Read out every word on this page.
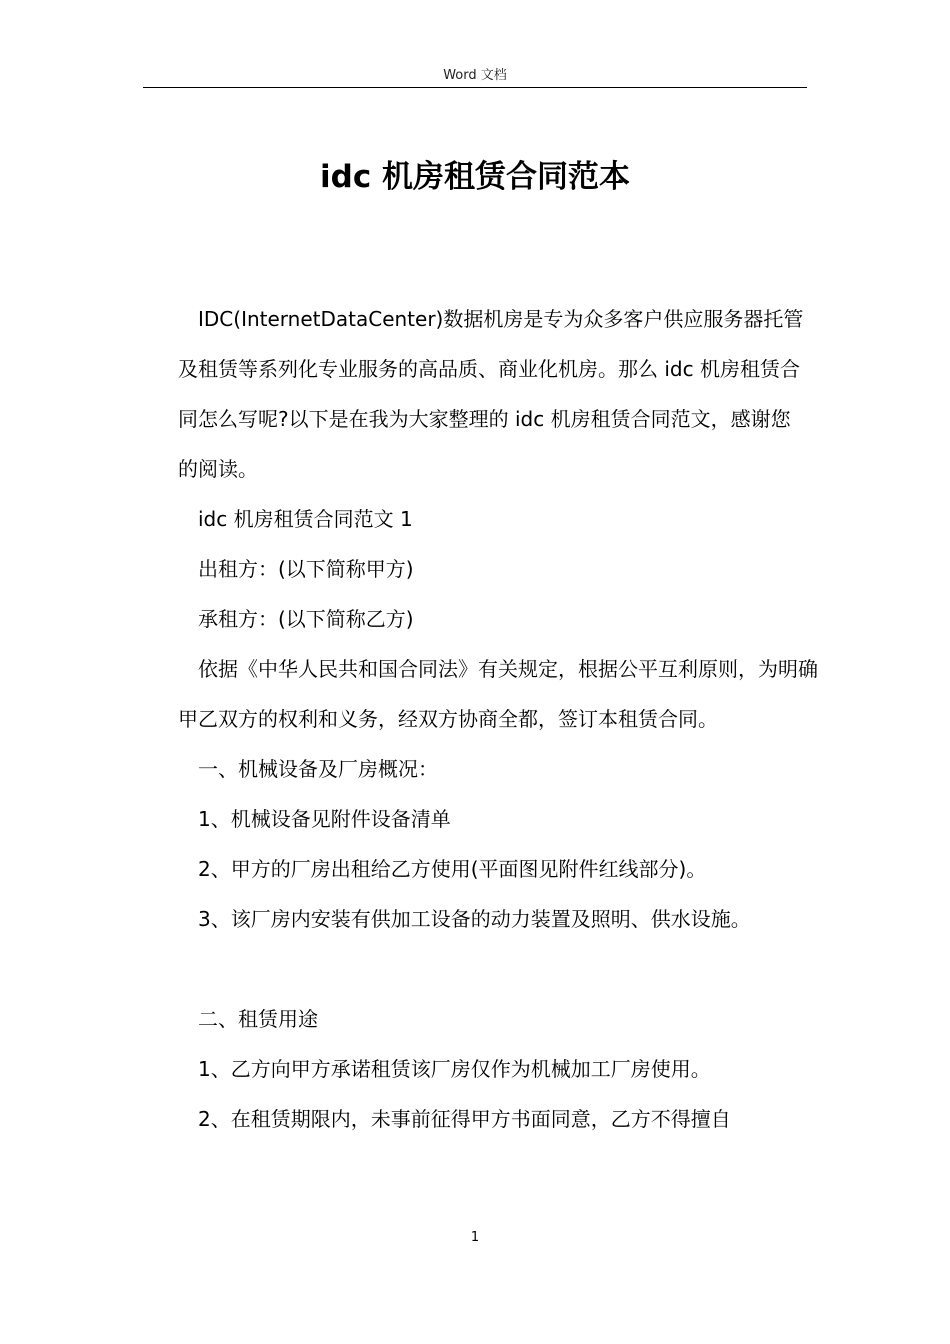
Word 文档
idc 机房租赁合同范本

IDC(InternetDataCenter)数据机房是专为众多客户供应服务器托管及租赁等系列化专业服务的高品质、商业化机房。那么 idc 机房租赁合同怎么写呢?以下是在我为大家整理的 idc 机房租赁合同范文，感谢您的阅读。

idc 机房租赁合同范文 1

出租方：(以下简称甲方)

承租方：(以下简称乙方)

依据《中华人民共和国合同法》有关规定，根据公平互利原则，为明确甲乙双方的权利和义务，经双方协商全都，签订本租赁合同。

一、机械设备及厂房概况：

1、机械设备见附件设备清单

2、甲方的厂房出租给乙方使用(平面图见附件红线部分)。

3、该厂房内安装有供加工设备的动力装置及照明、供水设施。

二、租赁用途

1、乙方向甲方承诺租赁该厂房仅作为机械加工厂房使用。

2、在租赁期限内，未事前征得甲方书面同意，乙方不得擅自

1
